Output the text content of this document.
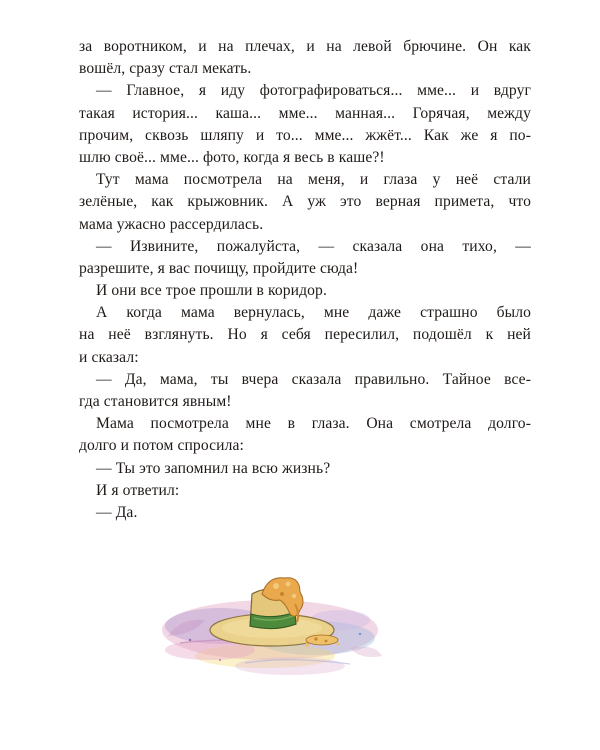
за воротником, и на плечах, и на левой брючине. Он как
вошёл, сразу стал мекать.
— Главное, я иду фотографироваться... мме... и вдруг
такая история... каша... мме... манная... Горячая, между
прочим, сквозь шляпу и то... мме... жжёт... Как же я по-
шлю своё... мме... фото, когда я весь в каше?!
Тут мама посмотрела на меня, и глаза у неё стали
зелёные, как крыжовник. А уж это верная примета, что
мама ужасно рассердилась.
— Извините, пожалуйста, — сказала она тихо, —
разрешите, я вас почищу, пройдите сюда!
И они все трое прошли в коридор.
А когда мама вернулась, мне даже страшно было
на неё взглянуть. Но я себя пересилил, подошёл к ней
и сказал:
— Да, мама, ты вчера сказала правильно. Тайное все-
гда становится явным!
Мама посмотрела мне в глаза. Она смотрела долго-
долго и потом спросила:
— Ты это запомнил на всю жизнь?
И я ответил:
— Да.
